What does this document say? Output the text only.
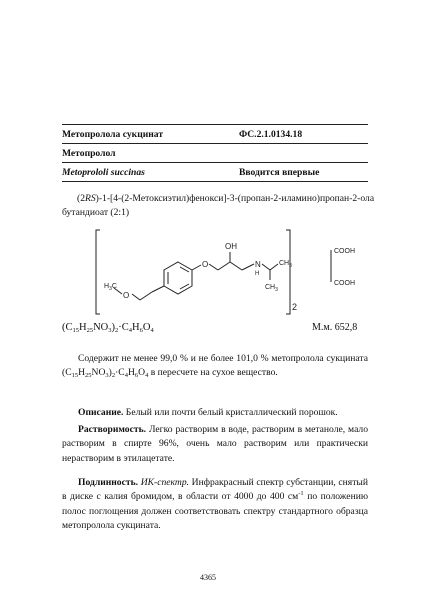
Метопролола сукцинат	ФС.2.1.0134.18
Метопролол
Metoprololi succinas	Вводится впервые
(2RS)-1-[4-(2-Метоксиэтил)фенокси]-3-(пропан-2-иламино)пропан-2-ола
бутандиоат (2:1)
OH
O	N
H
$CH_3$
$CH_3$
$H_3C$
O
2
COOH
COOH
$(C_{15}H_{25}NO_3)_2\cdot C_4H_6O_4$	М.м. 652,8
Содержит не менее 99,0 % и не более 101,0 % метопролола сукцината $(C_{15}H_{25}NO_3)_2\cdot C_4H_6O_4$ в пересчете на сухое вещество.
Описание. Белый или почти белый кристаллический порошок.
Растворимость. Легко растворим в воде, растворим в метаноле, мало растворим в спирте 96%, очень мало растворим или практически нерастворим в этилацетате.
Подлинность. ИК-спектр. Инфракрасный спектр субстанции, снятый в диске с калия бромидом, в области от 4000 до 400 $см^{-1}$ по положению полос поглощения должен соответствовать спектру стандартного образца метопролола сукцината.
4365
